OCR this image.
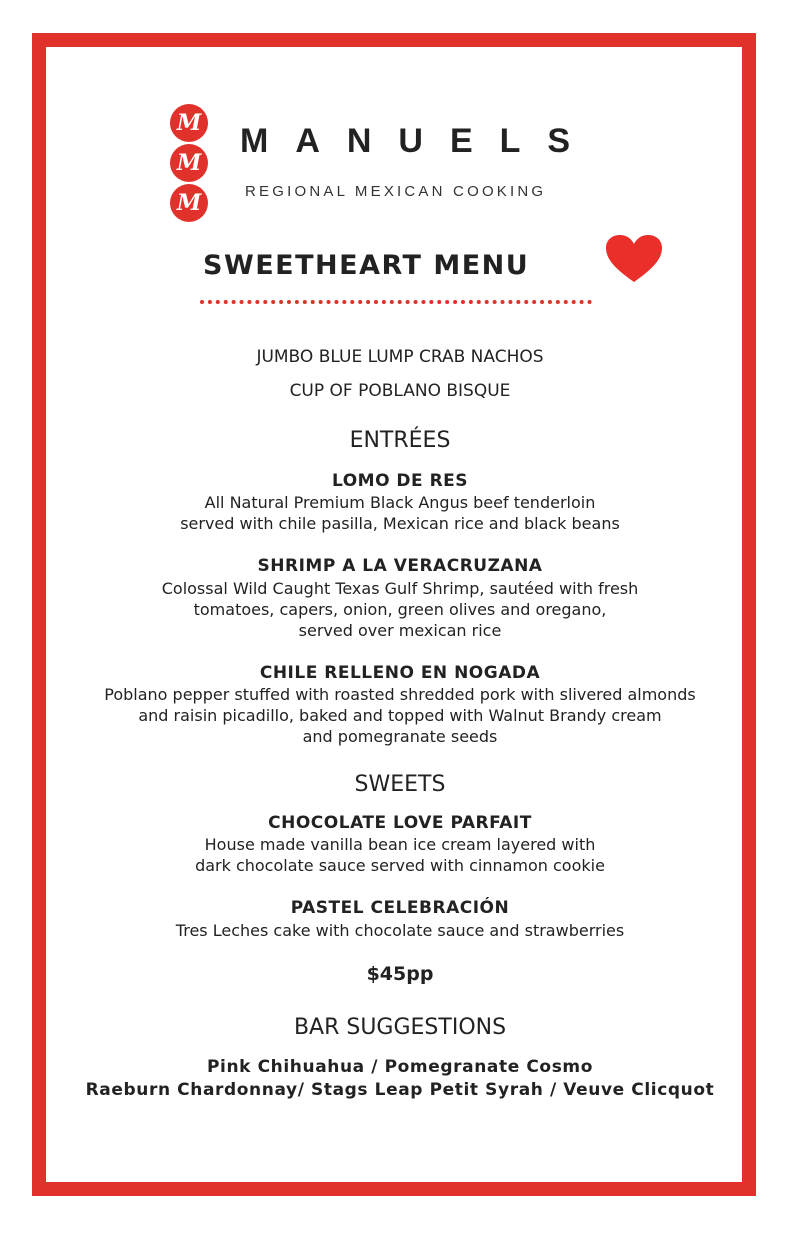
M
M
M
MANUELS
REGIONAL MEXICAN COOKING
SWEETHEART MENU
JUMBO BLUE LUMP CRAB NACHOS
CUP OF POBLANO BISQUE
ENTRÉES
LOMO DE RES
All Natural Premium Black Angus beef tenderloin
served with chile pasilla, Mexican rice and black beans
SHRIMP A LA VERACRUZANA
Colossal Wild Caught Texas Gulf Shrimp, sautéed with fresh
tomatoes, capers, onion, green olives and oregano,
served over mexican rice
CHILE RELLENO EN NOGADA
Poblano pepper stuffed with roasted shredded pork with slivered almonds
and raisin picadillo, baked and topped with Walnut Brandy cream
and pomegranate seeds
SWEETS
CHOCOLATE LOVE PARFAIT
House made vanilla bean ice cream layered with
dark chocolate sauce served with cinnamon cookie
PASTEL CELEBRACIÓN
Tres Leches cake with chocolate sauce and strawberries
$45pp
BAR SUGGESTIONS
Pink Chihuahua / Pomegranate Cosmo
Raeburn Chardonnay/ Stags Leap Petit Syrah / Veuve Clicquot
